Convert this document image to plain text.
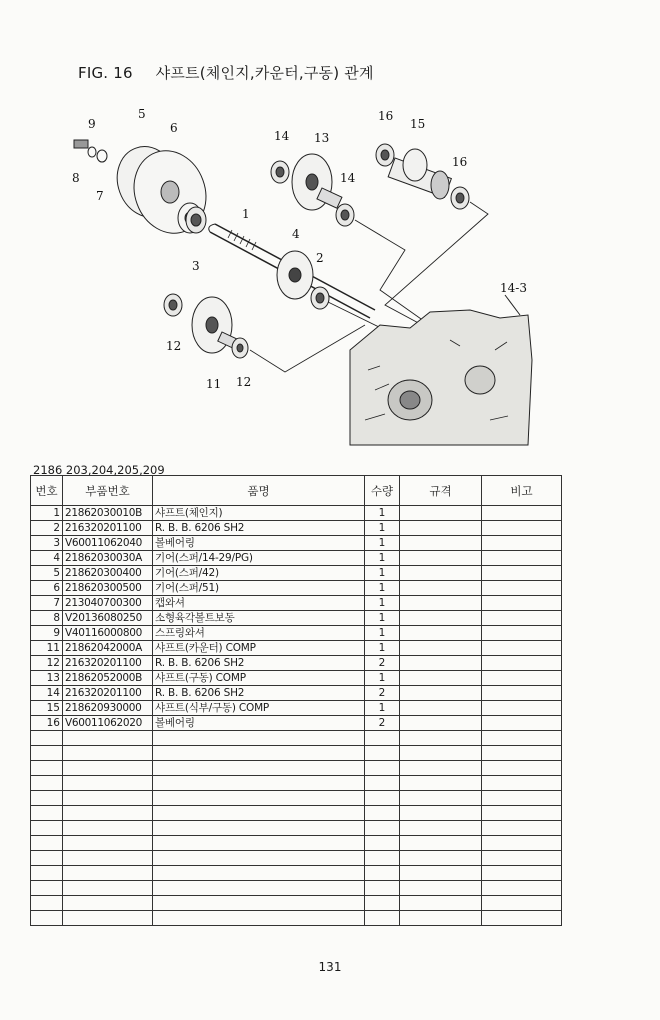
FIG. 16 샤프트(체인지,카운터,구동) 관계
5
6
9
8
7
1
3
4
2
14 13
14
16
15
16
14-3
12
11 12
2186 203,204,205,209
번호	부품번호	품명	수량	규격	비고
1	21862030010B	샤프트(체인지)	1		
2	216320201100	R. B. B. 6206 SH2	1		
3	V60011062040	볼베어링	1		
4	21862030030A	기어(스퍼/14-29/PG)	1		
5	218620300400	기어(스퍼/42)	1		
6	218620300500	기어(스퍼/51)	1		
7	213040700300	캡와셔	1		
8	V20136080250	소형육각볼트보동	1		
9	V40116000800	스프링와셔	1		
11	21862042000A	샤프트(카운터) COMP	1		
12	216320201100	R. B. B. 6206 SH2	2		
13	21862052000B	샤프트(구동) COMP	1		
14	216320201100	R. B. B. 6206 SH2	2		
15	218620930000	샤프트(식부/구동) COMP	1		
16	V60011062020	볼베어링	2		

131
